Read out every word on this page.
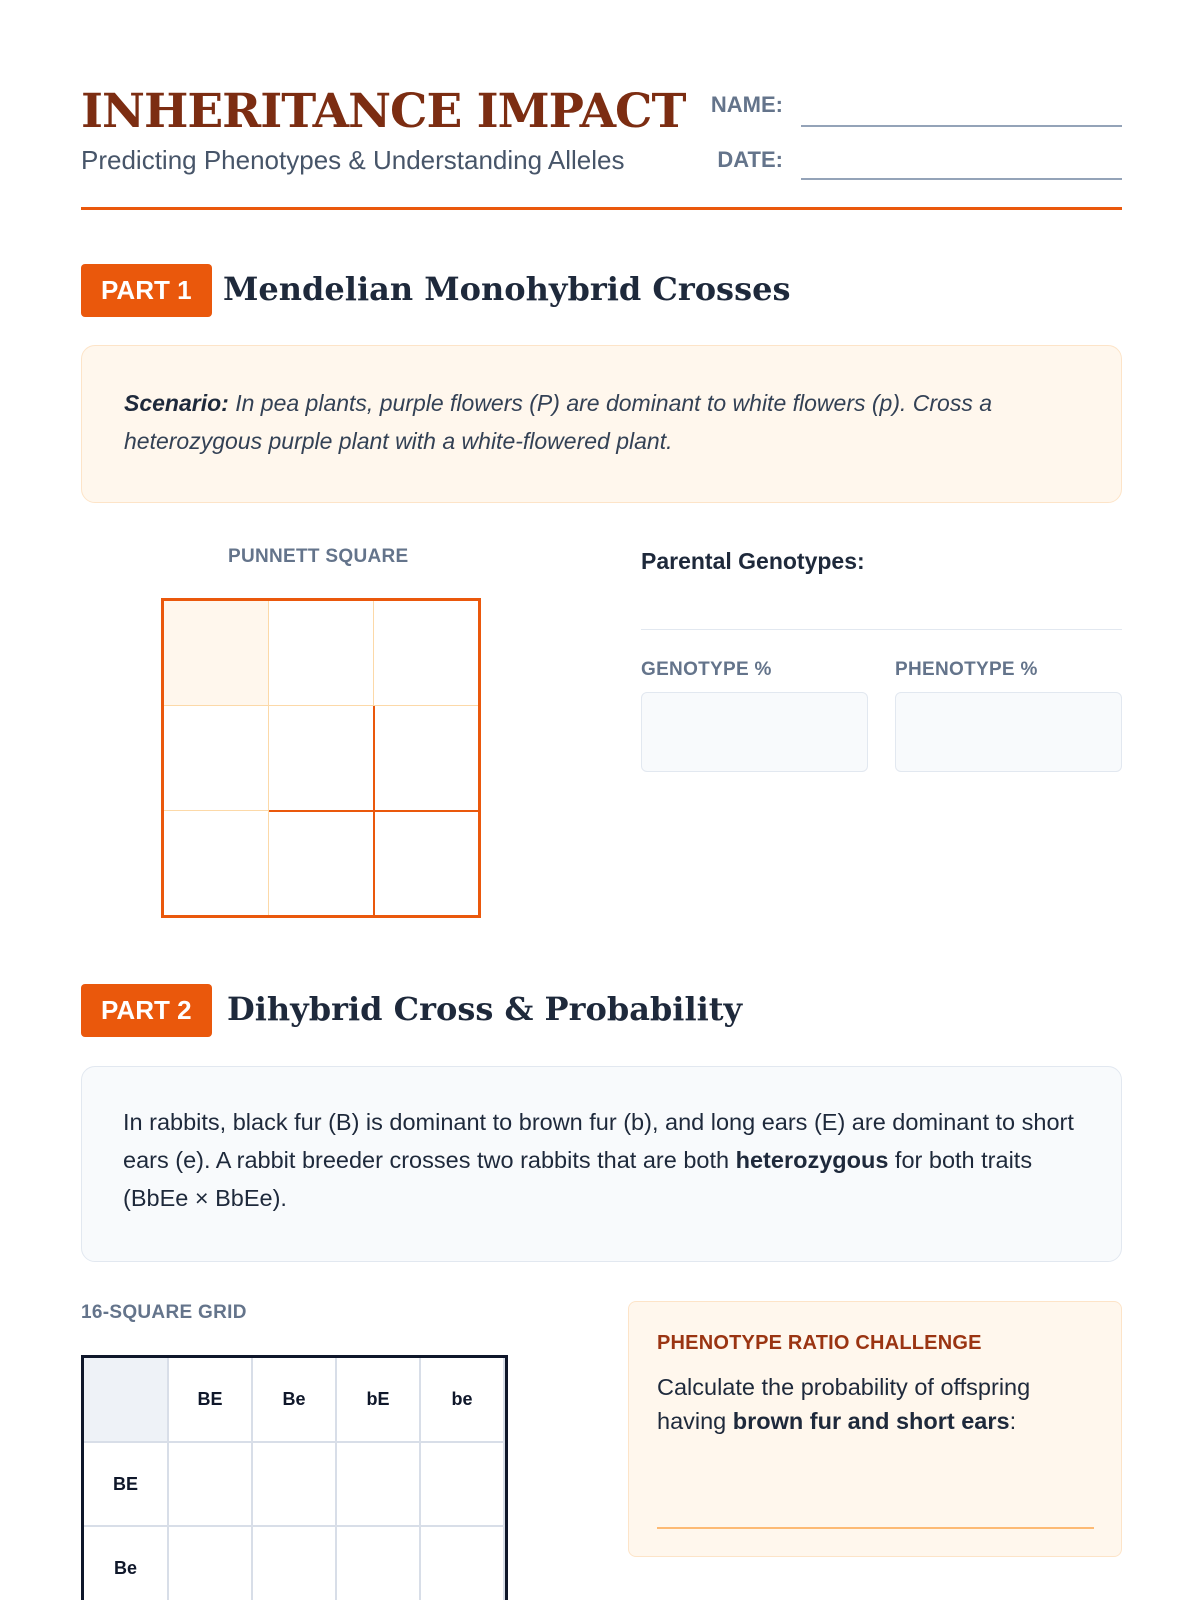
INHERITANCE IMPACT
Predicting Phenotypes & Understanding Alleles
NAME:
DATE:
PART 1 Mendelian Monohybrid Crosses
Scenario: In pea plants, purple flowers (P) are dominant to white flowers (p). Cross a heterozygous purple plant with a white-flowered plant.
PUNNETT SQUARE	Parental Genotypes:
GENOTYPE %	PHENOTYPE %
PART 2	Dihybrid Cross & Probability
In rabbits, black fur (B) is dominant to brown fur (b), and long ears (E) are dominant to short ears (e). A rabbit breeder crosses two rabbits that are both heterozygous for both traits (BbEe × BbEe).
16-SQUARE GRID
	BE	Be	bE	be
BE				
Be				
PHENOTYPE RATIO CHALLENGE
Calculate the probability of offspring having brown fur and short ears:
